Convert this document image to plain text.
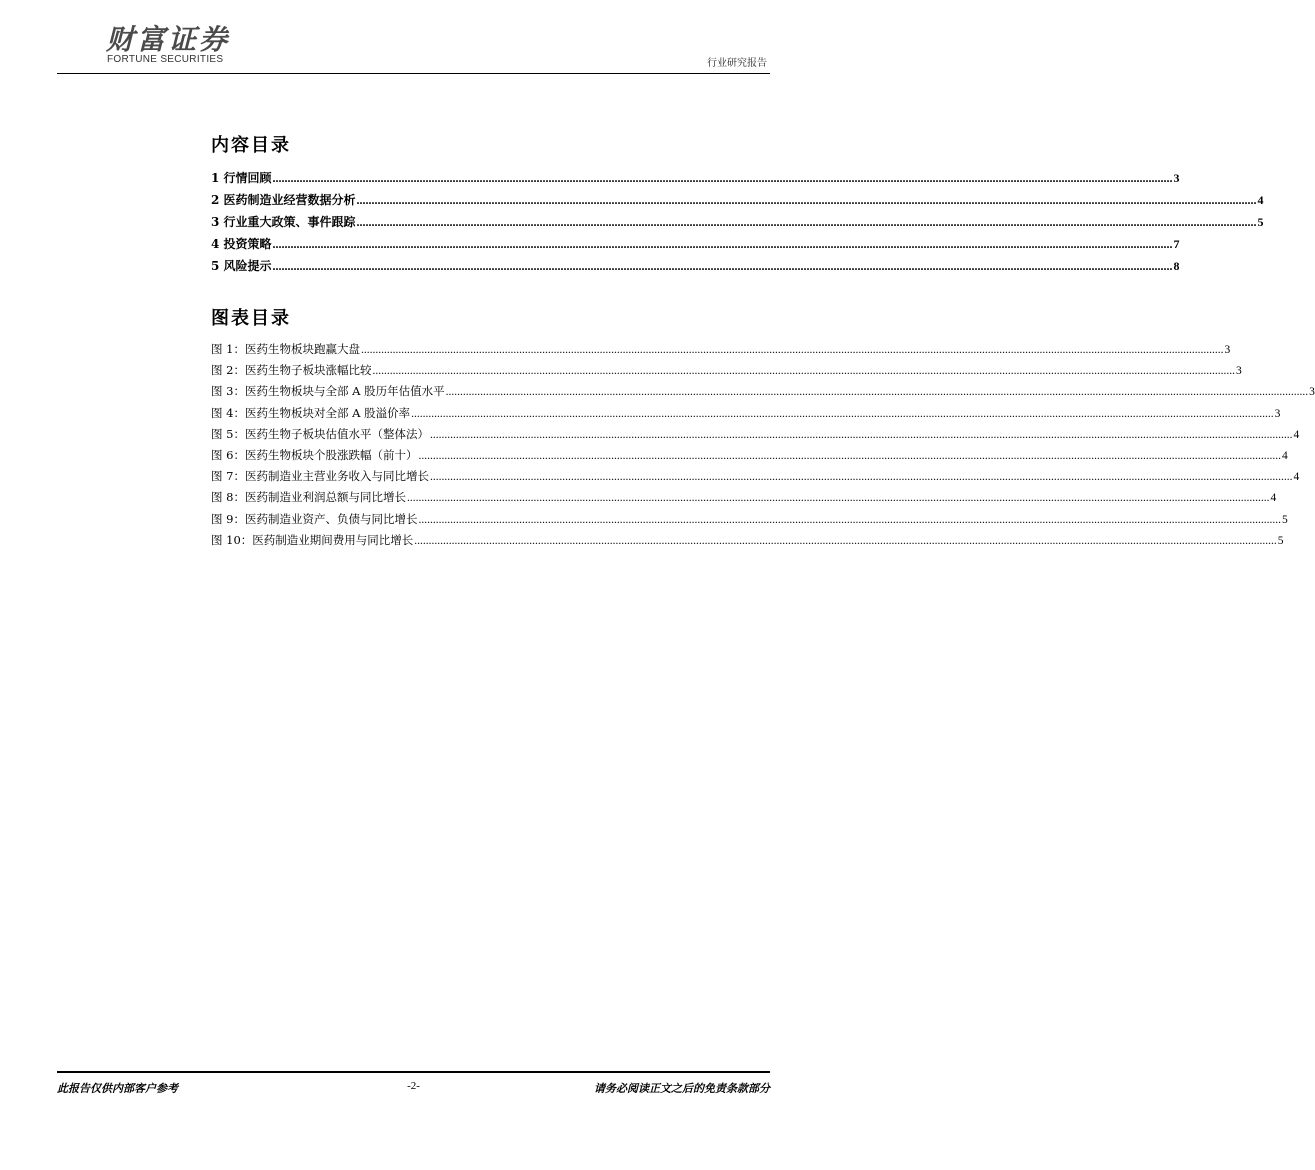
财富证券
FORTUNE SECURITIES	行业研究报告
内容目录
1 行情回顾 ............................................................................................................................................................................................................................................................................................................ 3
2 医药制造业经营数据分析 ............................................................................................................................................................................................................................................................................................................ 4
3 行业重大政策、事件跟踪 ............................................................................................................................................................................................................................................................................................................ 5
4 投资策略 ............................................................................................................................................................................................................................................................................................................ 7
5 风险提示 ............................................................................................................................................................................................................................................................................................................ 8
图表目录
图 1：医药生物板块跑赢大盘 ............................................................................................................................................................................................................................................................................................................ 3
图 2：医药生物子板块涨幅比较 ............................................................................................................................................................................................................................................................................................................ 3
图 3：医药生物板块与全部 A 股历年估值水平 ............................................................................................................................................................................................................................................................................................................ 3
图 4：医药生物板块对全部 A 股溢价率 ............................................................................................................................................................................................................................................................................................................ 3
图 5：医药生物子板块估值水平（整体法） ............................................................................................................................................................................................................................................................................................................ 4
图 6：医药生物板块个股涨跌幅（前十） ............................................................................................................................................................................................................................................................................................................ 4
图 7：医药制造业主营业务收入与同比增长 ............................................................................................................................................................................................................................................................................................................ 4
图 8：医药制造业利润总额与同比增长 ............................................................................................................................................................................................................................................................................................................ 4
图 9：医药制造业资产、负债与同比增长 ............................................................................................................................................................................................................................................................................................................ 5
图 10：医药制造业期间费用与同比增长 ............................................................................................................................................................................................................................................................................................................ 5
此报告仅供内部客户参考	-2-	请务必阅读正文之后的免责条款部分
